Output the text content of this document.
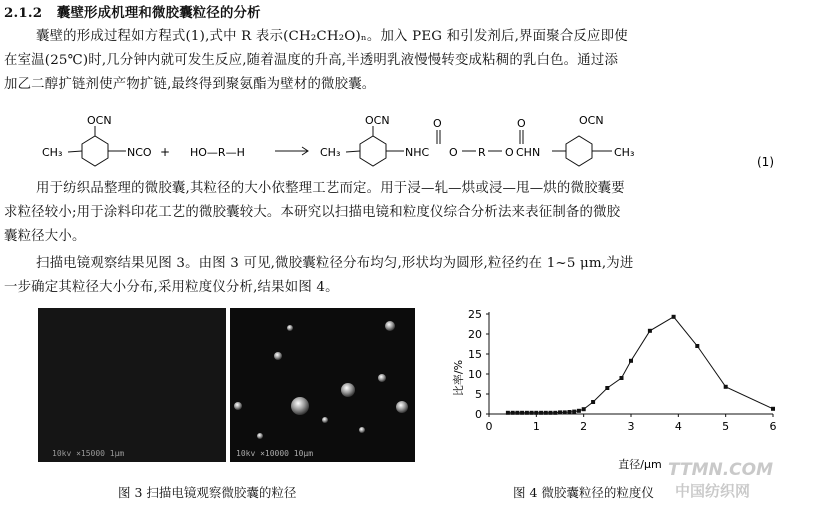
2.1.2 囊壁形成机理和微胶囊粒径的分析
囊壁的形成过程如方程式(1),式中 R 表示(CH₂CH₂O)ₙ。加入 PEG 和引发剂后,界面聚合反应即使
在室温(25℃)时,几分钟内就可发生反应,随着温度的升高,半透明乳液慢慢转变成粘稠的乳白色。通过添
加乙二醇扩链剂使产物扩链,最终得到聚氨酯为壁材的微胶囊。
OCN
CH₃	NCO + HO—R—H
OCN
CH₃	NHC
O
O R O
O
CHN
OCN
CH₃
(1)
用于纺织品整理的微胶囊,其粒径的大小依整理工艺而定。用于浸—轧—烘或浸—甩—烘的微胶囊要
求粒径较小;用于涂料印花工艺的微胶囊较大。本研究以扫描电镜和粒度仪综合分析法来表征制备的微胶
囊粒径大小。
扫描电镜观察结果见图 3。由图 3 可见,微胶囊粒径分布均匀,形状均为圆形,粒径约在 1~5 μm,为进
一步确定其粒径大小分布,采用粒度仪分析,结果如图 4。
10kv ×15000 1μm	10kv ×10000 10μm
图 3 扫描电镜观察微胶囊的粒径
0	1	2	3	4	5	6
0
5
10
15
20
25
比率/%
直径/μm
图 4 微胶囊粒径的粒度仪
TTMN.COM
中国纺织网
